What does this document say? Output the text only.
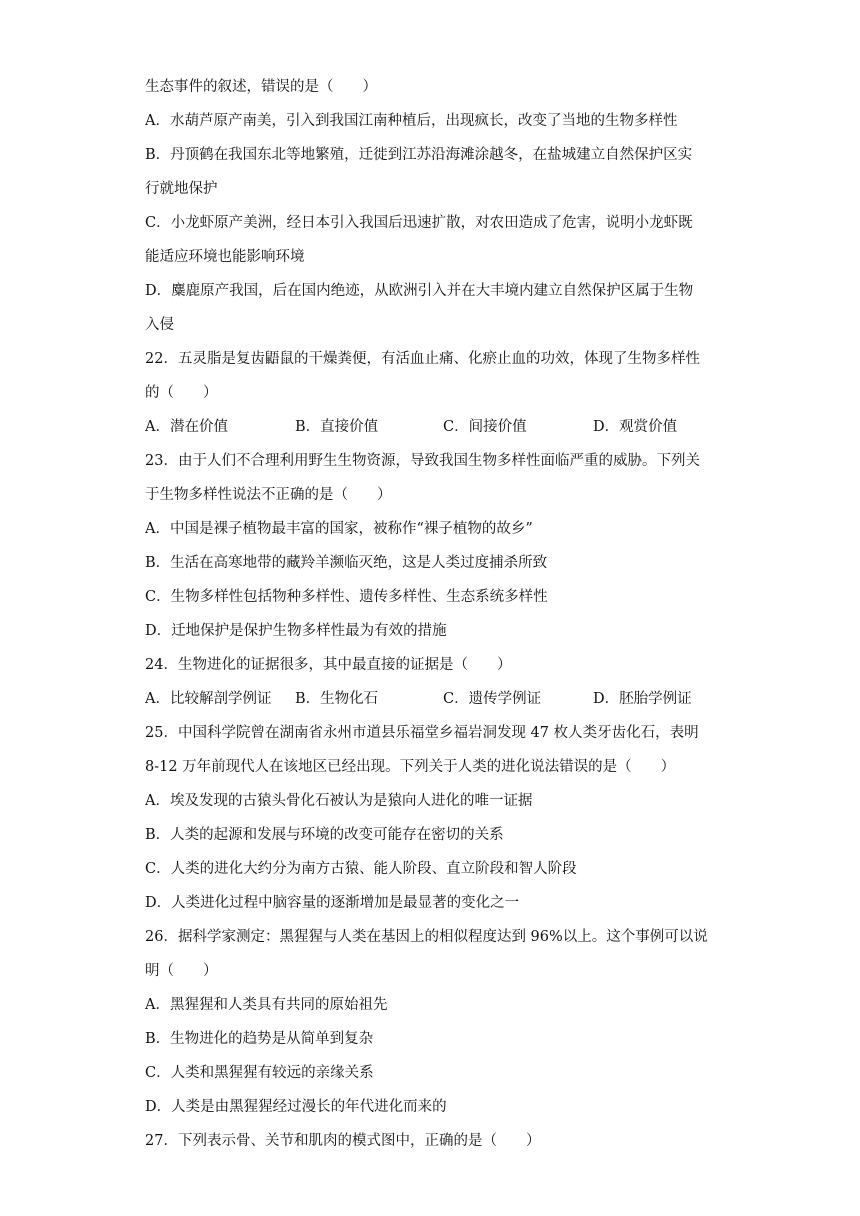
生态事件的叙述，错误的是（　　）
A．水葫芦原产南美，引入到我国江南种植后，出现疯长，改变了当地的生物多样性
B．丹顶鹤在我国东北等地繁殖，迁徙到江苏沿海滩涂越冬，在盐城建立自然保护区实
行就地保护
C．小龙虾原产美洲，经日本引入我国后迅速扩散，对农田造成了危害，说明小龙虾既
能适应环境也能影响环境
D．麋鹿原产我国，后在国内绝迹，从欧洲引入并在大丰境内建立自然保护区属于生物
入侵
22．五灵脂是复齿鼯鼠的干燥粪便，有活血止痛、化瘀止血的功效，体现了生物多样性
的（　　）
A．潜在价值	B．直接价值	C．间接价值	D．观赏价值
23．由于人们不合理利用野生生物资源，导致我国生物多样性面临严重的威胁。下列关
于生物多样性说法不正确的是（　　）
A．中国是裸子植物最丰富的国家，被称作“裸子植物的故乡”
B．生活在高寒地带的藏羚羊濒临灭绝，这是人类过度捕杀所致
C．生物多样性包括物种多样性、遗传多样性、生态系统多样性
D．迁地保护是保护生物多样性最为有效的措施
24．生物进化的证据很多，其中最直接的证据是（　　）
A．比较解剖学例证 B．生物化石	C．遗传学例证	D．胚胎学例证
25．中国科学院曾在湖南省永州市道县乐福堂乡福岩洞发现 47 枚人类牙齿化石，表明
8-12 万年前现代人在该地区已经出现。下列关于人类的进化说法错误的是（　　）
A．埃及发现的古猿头骨化石被认为是猿向人进化的唯一证据
B．人类的起源和发展与环境的改变可能存在密切的关系
C．人类的进化大约分为南方古猿、能人阶段、直立阶段和智人阶段
D．人类进化过程中脑容量的逐渐增加是最显著的变化之一
26．据科学家测定：黑猩猩与人类在基因上的相似程度达到 96%以上。这个事例可以说
明（　　）
A．黑猩猩和人类具有共同的原始祖先
B．生物进化的趋势是从简单到复杂
C．人类和黑猩猩有较远的亲缘关系
D．人类是由黑猩猩经过漫长的年代进化而来的
27．下列表示骨、关节和肌肉的模式图中，正确的是（　　）
